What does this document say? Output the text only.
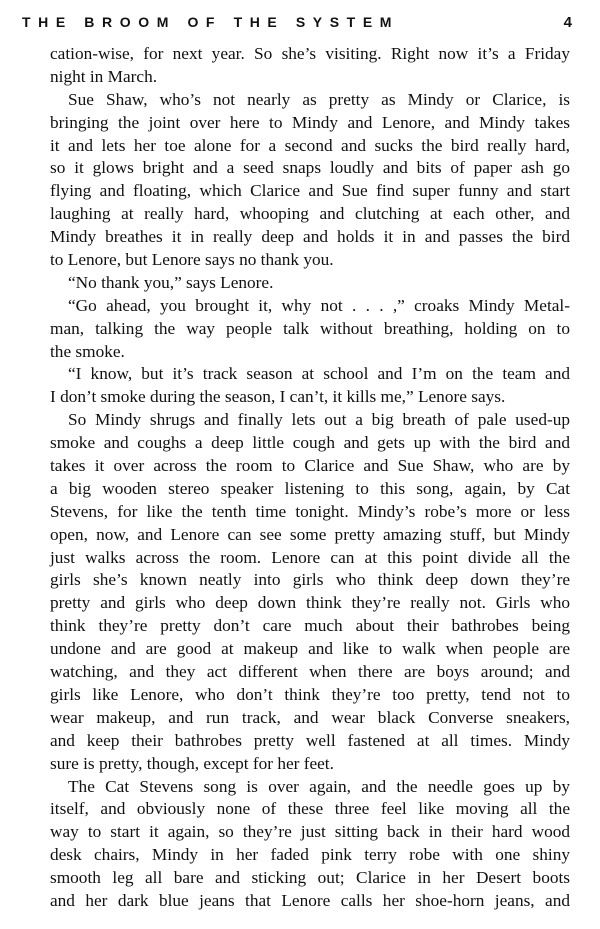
THE BROOM OF THE SYSTEM	4
cation-wise, for next year. So she’s visiting. Right now it’s a Friday
night in March.
Sue Shaw, who’s not nearly as pretty as Mindy or Clarice, is
bringing the joint over here to Mindy and Lenore, and Mindy takes
it and lets her toe alone for a second and sucks the bird really hard,
so it glows bright and a seed snaps loudly and bits of paper ash go
flying and floating, which Clarice and Sue find super funny and start
laughing at really hard, whooping and clutching at each other, and
Mindy breathes it in really deep and holds it in and passes the bird
to Lenore, but Lenore says no thank you.
“No thank you,” says Lenore.
“Go ahead, you brought it, why not . . . ,” croaks Mindy Metal-
man, talking the way people talk without breathing, holding on to
the smoke.
“I know, but it’s track season at school and I’m on the team and
I don’t smoke during the season, I can’t, it kills me,” Lenore says.
So Mindy shrugs and finally lets out a big breath of pale used-up
smoke and coughs a deep little cough and gets up with the bird and
takes it over across the room to Clarice and Sue Shaw, who are by
a big wooden stereo speaker listening to this song, again, by Cat
Stevens, for like the tenth time tonight. Mindy’s robe’s more or less
open, now, and Lenore can see some pretty amazing stuff, but Mindy
just walks across the room. Lenore can at this point divide all the
girls she’s known neatly into girls who think deep down they’re
pretty and girls who deep down think they’re really not. Girls who
think they’re pretty don’t care much about their bathrobes being
undone and are good at makeup and like to walk when people are
watching, and they act different when there are boys around; and
girls like Lenore, who don’t think they’re too pretty, tend not to
wear makeup, and run track, and wear black Converse sneakers,
and keep their bathrobes pretty well fastened at all times. Mindy
sure is pretty, though, except for her feet.
The Cat Stevens song is over again, and the needle goes up by
itself, and obviously none of these three feel like moving all the
way to start it again, so they’re just sitting back in their hard wood
desk chairs, Mindy in her faded pink terry robe with one shiny
smooth leg all bare and sticking out; Clarice in her Desert boots
and her dark blue jeans that Lenore calls her shoe-horn jeans, and
